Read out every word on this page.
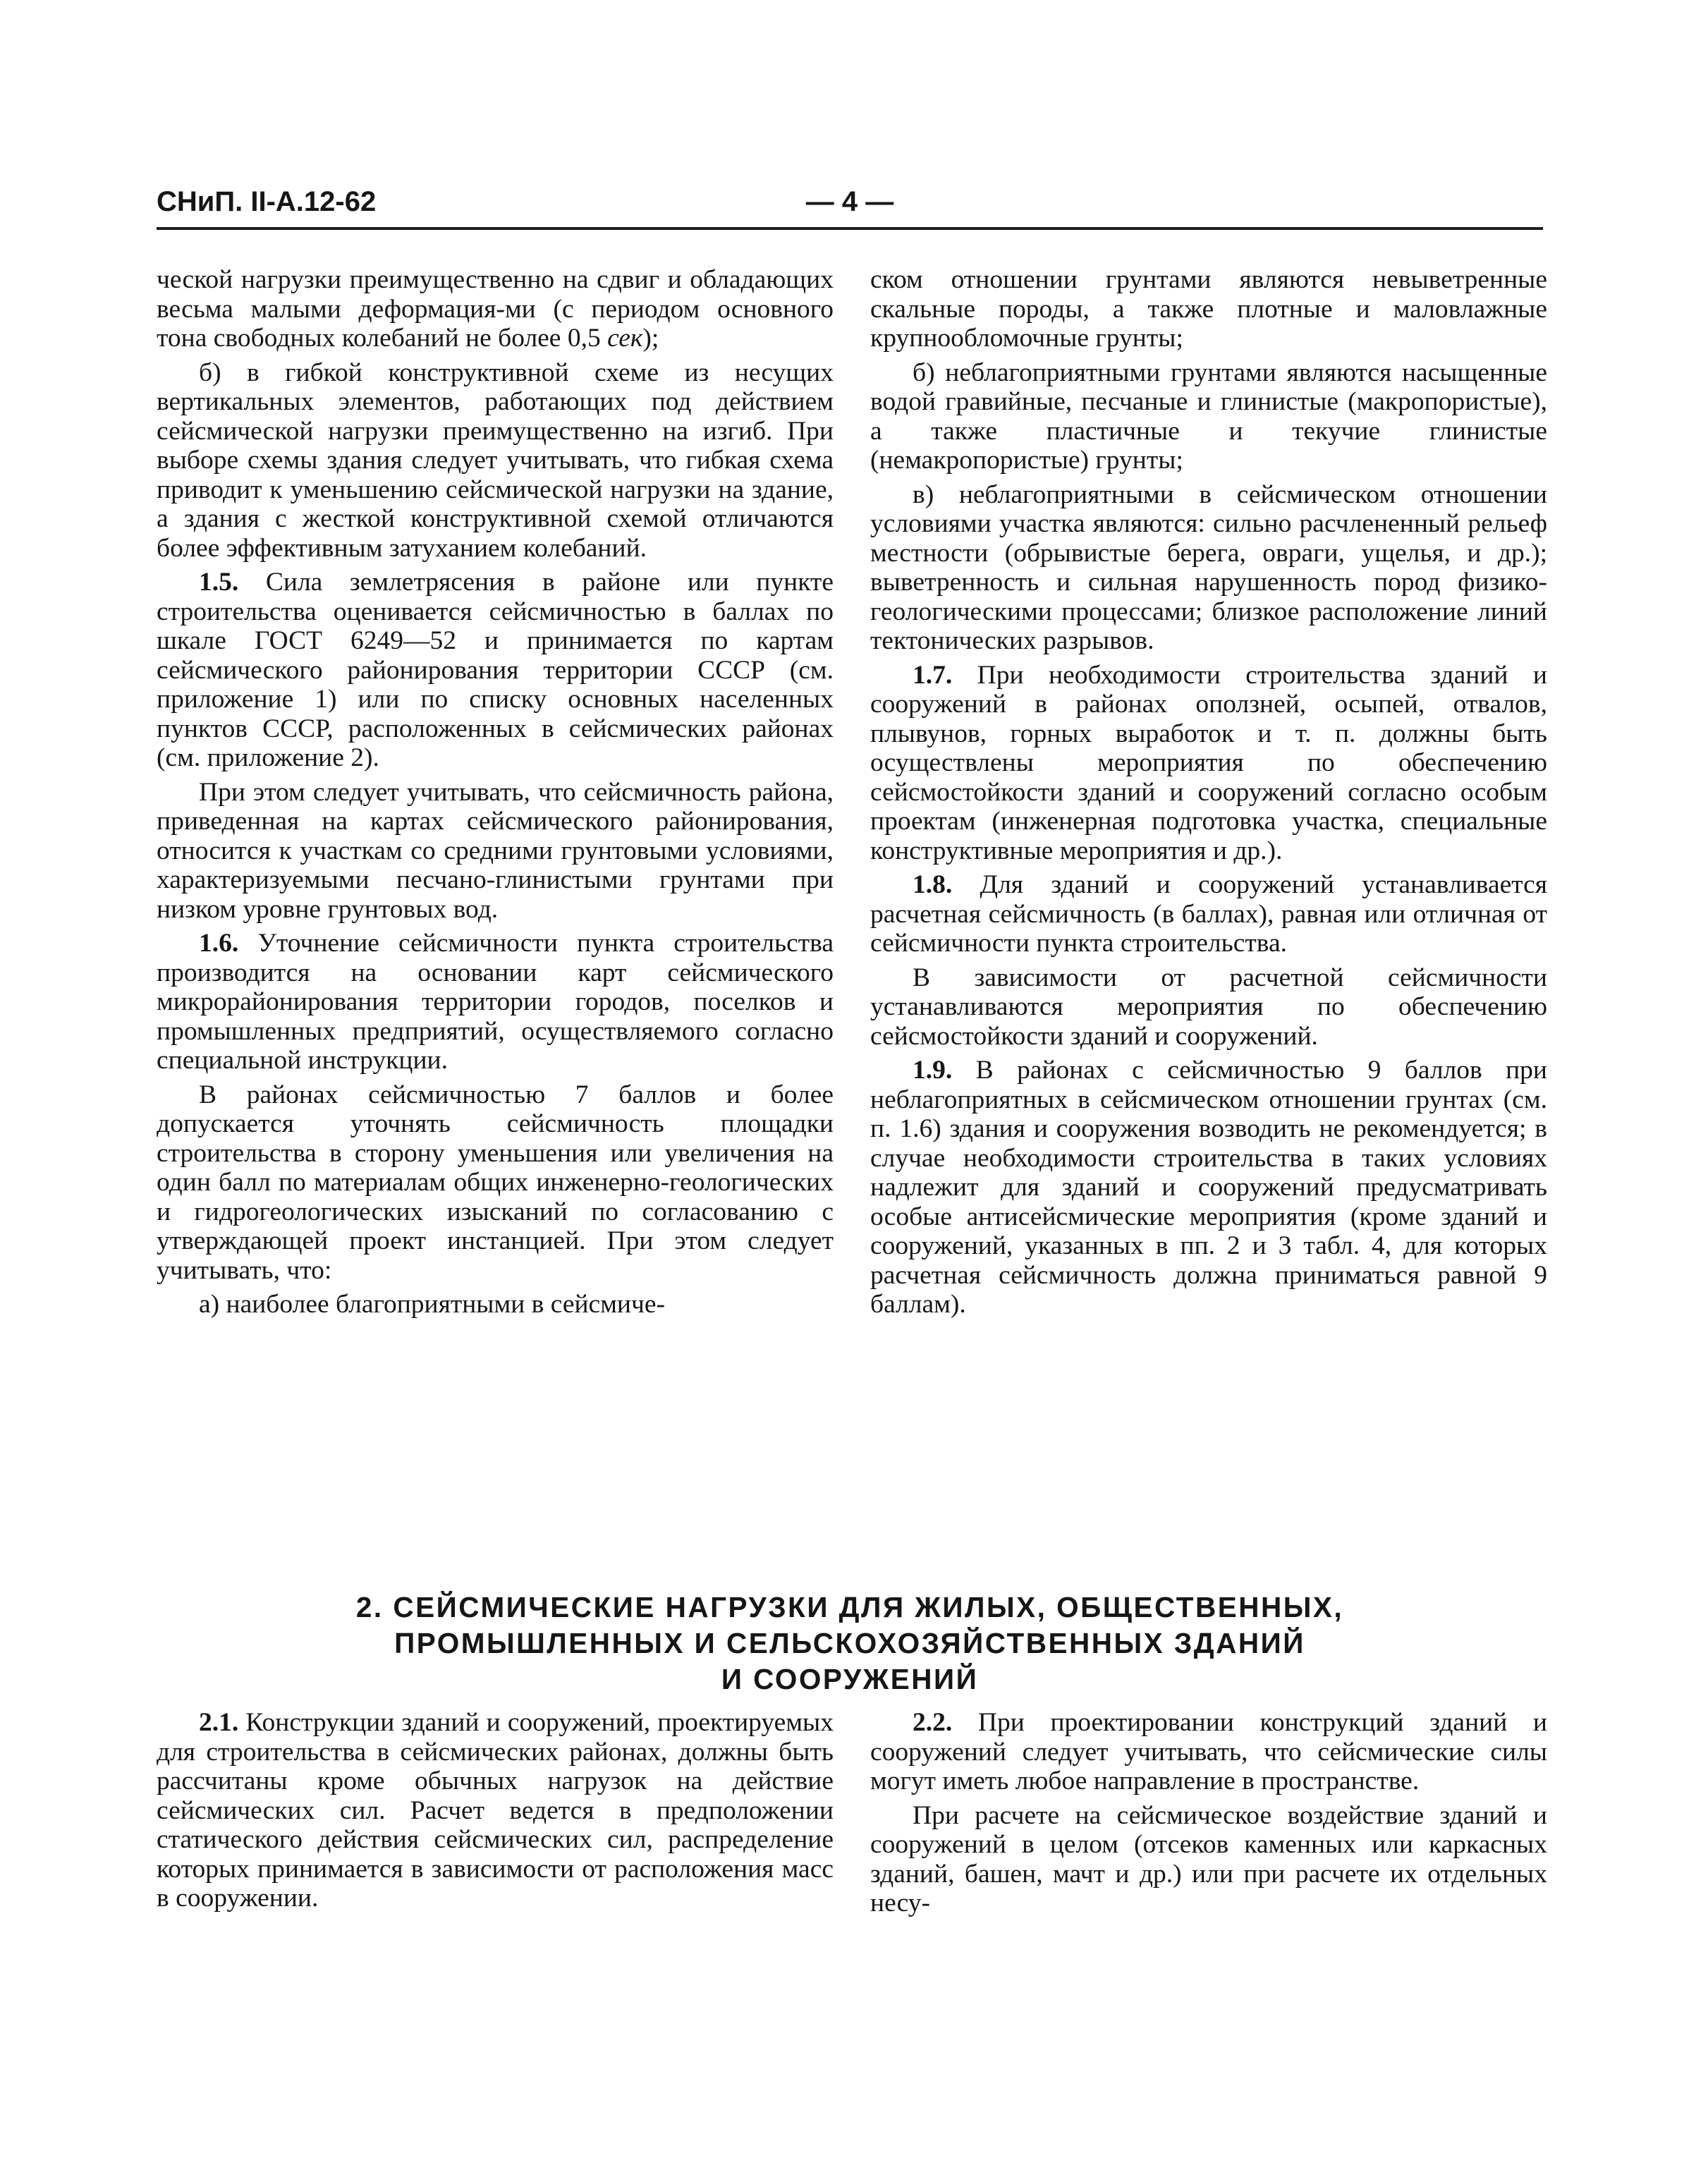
СНиП. II-А.12-62	— 4 —

ческой нагрузки преимущественно на сдвиг и обладающих весьма малыми деформация-ми (с периодом основного тона свободных колебаний не более 0,5 сек);

б) в гибкой конструктивной схеме из несущих вертикальных элементов, работающих под действием сейсмической нагрузки преимущественно на изгиб. При выборе схемы здания следует учитывать, что гибкая схема приводит к уменьшению сейсмической нагрузки на здание, а здания с жесткой конструктивной схемой отличаются более эффективным затуханием колебаний.

1.5. Сила землетрясения в районе или пункте строительства оценивается сейсмичностью в баллах по шкале ГОСТ 6249—52 и принимается по картам сейсмического районирования территории СССР (см. приложение 1) или по списку основных населенных пунктов СССР, расположенных в сейсмических районах (см. приложение 2).

При этом следует учитывать, что сейсмичность района, приведенная на картах сейсмического районирования, относится к участкам со средними грунтовыми условиями, характеризуемыми песчано-глинистыми грунтами при низком уровне грунтовых вод.

1.6. Уточнение сейсмичности пункта строительства производится на основании карт сейсмического микрорайонирования территории городов, поселков и промышленных предприятий, осуществляемого согласно специальной инструкции.

В районах сейсмичностью 7 баллов и более допускается уточнять сейсмичность площадки строительства в сторону уменьшения или увеличения на один балл по материалам общих инженерно-геологических и гидрогеологических изысканий по согласованию с утверждающей проект инстанцией. При этом следует учитывать, что:

а) наиболее благоприятными в сейсмиче-

ском отношении грунтами являются невыветренные скальные породы, а также плотные и маловлажные крупнообломочные грунты;

б) неблагоприятными грунтами являются насыщенные водой гравийные, песчаные и глинистые (макропористые), а также пластичные и текучие глинистые (немакропористые) грунты;

в) неблагоприятными в сейсмическом отношении условиями участка являются: сильно расчлененный рельеф местности (обрывистые берега, овраги, ущелья, и др.); выветренность и сильная нарушенность пород физико-геологическими процессами; близкое расположение линий тектонических разрывов.

1.7. При необходимости строительства зданий и сооружений в районах оползней, осыпей, отвалов, плывунов, горных выработок и т. п. должны быть осуществлены мероприятия по обеспечению сейсмостойкости зданий и сооружений согласно особым проектам (инженерная подготовка участка, специальные конструктивные мероприятия и др.).

1.8. Для зданий и сооружений устанавливается расчетная сейсмичность (в баллах), равная или отличная от сейсмичности пункта строительства.

В зависимости от расчетной сейсмичности устанавливаются мероприятия по обеспечению сейсмостойкости зданий и сооружений.

1.9. В районах с сейсмичностью 9 баллов при неблагоприятных в сейсмическом отношении грунтах (см. п. 1.6) здания и сооружения возводить не рекомендуется; в случае необходимости строительства в таких условиях надлежит для зданий и сооружений предусматривать особые антисейсмические мероприятия (кроме зданий и сооружений, указанных в пп. 2 и 3 табл. 4, для которых расчетная сейсмичность должна приниматься равной 9 баллам).

2. СЕЙСМИЧЕСКИЕ НАГРУЗКИ ДЛЯ ЖИЛЫХ, ОБЩЕСТВЕННЫХ,
ПРОМЫШЛЕННЫХ И СЕЛЬСКОХОЗЯЙСТВЕННЫХ ЗДАНИЙ
И СООРУЖЕНИЙ

2.1. Конструкции зданий и сооружений, проектируемых для строительства в сейсмических районах, должны быть рассчитаны кроме обычных нагрузок на действие сейсмических сил. Расчет ведется в предположении статического действия сейсмических сил, распределение которых принимается в зависимости от расположения масс в сооружении.

2.2. При проектировании конструкций зданий и сооружений следует учитывать, что сейсмические силы могут иметь любое направление в пространстве.

При расчете на сейсмическое воздействие зданий и сооружений в целом (отсеков каменных или каркасных зданий, башен, мачт и др.) или при расчете их отдельных несу-
